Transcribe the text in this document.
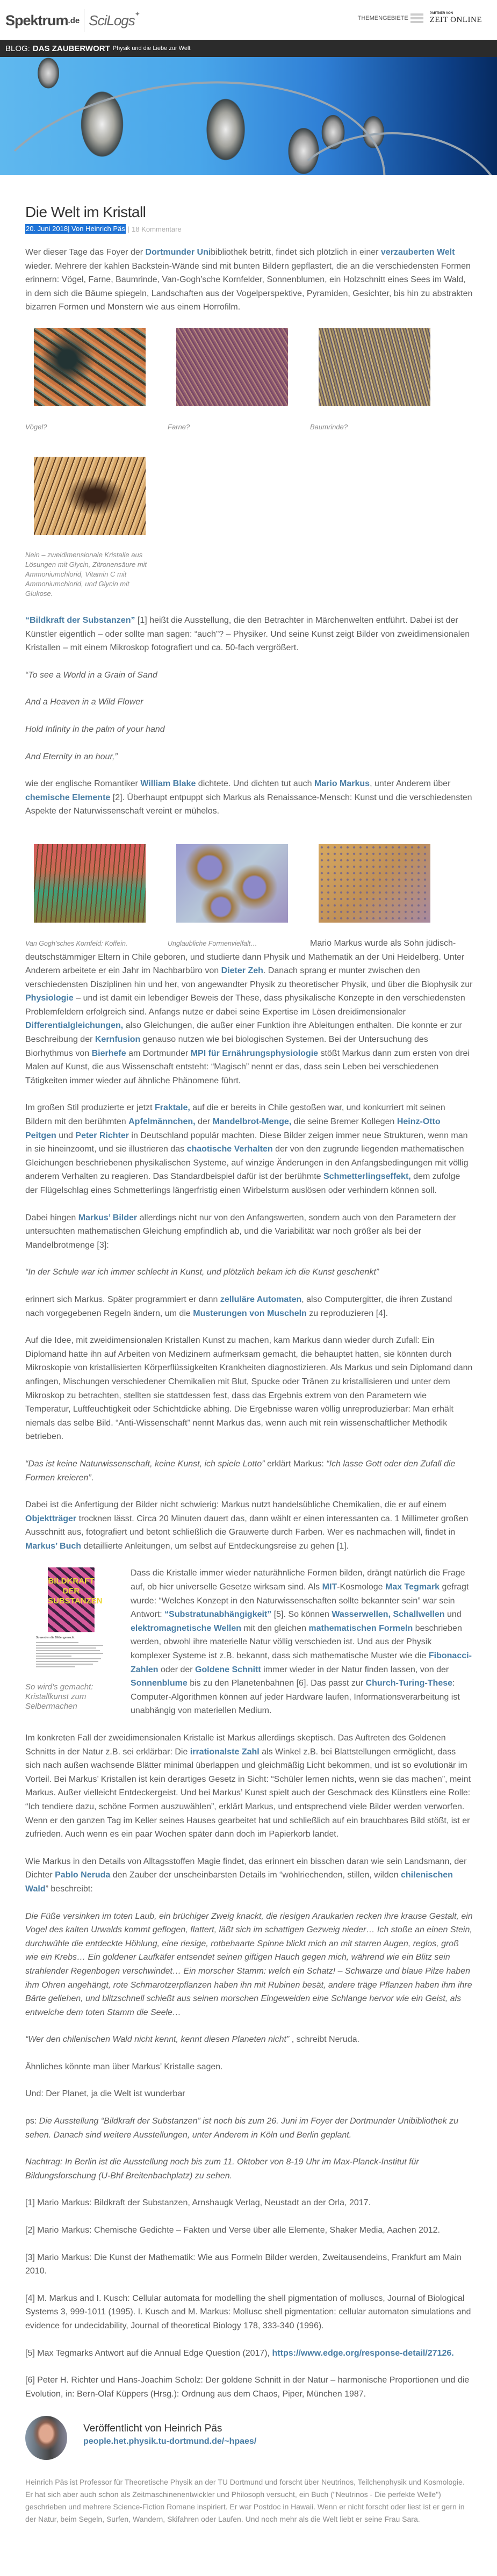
Spektrum .de SciLogs ✦
THEMENGEBIETE
PARTNER VON
ZEIT ONLINE
BLOG: DAS ZAUBERWORT Physik und die Liebe zur Welt
Die Welt im Kristall
20. Juni 2018| Von Heinrich Päs | 18 Kommentare

Wer dieser Tage das Foyer der Dortmunder Unibibliothek betritt, findet sich plötzlich in einer verzauberten Welt wieder. Mehrere der kahlen Backstein-Wände sind mit bunten Bildern gepflastert, die an die verschiedensten Formen erinnern: Vögel, Farne, Baumrinde, Van-Gogh’sche Kornfelder, Sonnenblumen, ein Holzschnitt eines Sees im Wald, in dem sich die Bäume spiegeln, Landschaften aus der Vogelperspektive, Pyramiden, Gesichter, bis hin zu abstrakten bizarren Formen und Monstern wie aus einem Horrofilm.

Vögel?	Farne?	Baumrinde?
Nein – zweidimensionale Kristalle aus Lösungen mit Glycin, Zitronensäure mit Ammoniumchlorid, Vitamin C mit Ammoniumchlorid, und Glycin mit Glukose.

“Bildkraft der Substanzen” [1] heißt die Ausstellung, die den Betrachter in Märchenwelten entführt. Dabei ist der Künstler eigentlich – oder sollte man sagen: “auch”? – Physiker. Und seine Kunst zeigt Bilder von zweidimensionalen Kristallen – mit einem Mikroskop fotografiert und ca. 50-fach vergrößert.

“To see a World in a Grain of Sand

And a Heaven in a Wild Flower

Hold Infinity in the palm of your hand

And Eternity in an hour,”

wie der englische Romantiker William Blake dichtete. Und dichten tut auch Mario Markus, unter Anderem über chemische Elemente [2]. Überhaupt entpuppt sich Markus als Renaissance-Mensch: Kunst und die verschiedensten Aspekte der Naturwissenschaft vereint er mühelos.

Van Gogh’sches Kornfeld: Koffein.	Unglaubliche Formenvielfalt…	Mario Markus wurde als Sohn jüdisch-deutschstämmiger Eltern in Chile geboren, und studierte dann Physik und Mathematik an der Uni Heidelberg. Unter Anderem arbeitete er ein Jahr im Nachbarbüro von Dieter Zeh. Danach sprang er munter zwischen den verschiedensten Disziplinen hin und her, von angewandter Physik zu theoretischer Physik, und über die Biophysik zur Physiologie – und ist damit ein lebendiger Beweis der These, dass physikalische Konzepte in den verschiedensten Problemfeldern erfolgreich sind. Anfangs nutze er dabei seine Expertise im Lösen dreidimensionaler Differentialgleichungen, also Gleichungen, die außer einer Funktion ihre Ableitungen enthalten. Die konnte er zur Beschreibung der Kernfusion genauso nutzen wie bei biologischen Systemen. Bei der Untersuchung des Biorhythmus von Bierhefe am Dortmunder MPI für Ernährungsphysiologie stößt Markus dann zum ersten von drei Malen auf Kunst, die aus Wissenschaft entsteht: “Magisch” nennt er das, dass sein Leben bei verschiedenen Tätigkeiten immer wieder auf ähnliche Phänomene führt.

Im großen Stil produzierte er jetzt Fraktale, auf die er bereits in Chile gestoßen war, und konkurriert mit seinen Bildern mit den berühmten Apfelmännchen, der Mandelbrot-Menge, die seine Bremer Kollegen Heinz-Otto Peitgen und Peter Richter in Deutschland populär machten. Diese Bilder zeigen immer neue Strukturen, wenn man in sie hineinzoomt, und sie illustrieren das chaotische Verhalten der von den zugrunde liegenden mathematischen Gleichungen beschriebenen physikalischen Systeme, auf winzige Änderungen in den Anfangsbedingungen mit völlig anderem Verhalten zu reagieren. Das Standardbeispiel dafür ist der berühmte Schmetterlingseffekt, dem zufolge der Flügelschlag eines Schmetterlings längerfristig einen Wirbelsturm auslösen oder verhindern können soll.

Dabei hingen Markus’ Bilder allerdings nicht nur von den Anfangswerten, sondern auch von den Parametern der untersuchten mathematischen Gleichung empfindlich ab, und die Variabilität war noch größer als bei der Mandelbrotmenge [3]:

“In der Schule war ich immer schlecht in Kunst, und plötzlich bekam ich die Kunst geschenkt”

erinnert sich Markus. Später programmiert er dann zelluläre Automaten, also Computergitter, die ihren Zustand nach vorgegebenen Regeln ändern, um die Musterungen von Muscheln zu reproduzieren [4].

Auf die Idee, mit zweidimensionalen Kristallen Kunst zu machen, kam Markus dann wieder durch Zufall: Ein Diplomand hatte ihn auf Arbeiten von Medizinern aufmerksam gemacht, die behauptet hatten, sie könnten durch Mikroskopie von kristallisierten Körperflüssigkeiten Krankheiten diagnostizieren. Als Markus und sein Diplomand dann anfingen, Mischungen verschiedener Chemikalien mit Blut, Spucke oder Tränen zu kristallisieren und unter dem Mikroskop zu betrachten, stellten sie stattdessen fest, dass das Ergebnis extrem von den Parametern wie Temperatur, Luftfeuchtigkeit oder Schichtdicke abhing. Die Ergebnisse waren völlig unreproduzierbar: Man erhält niemals das selbe Bild. “Anti-Wissenschaft” nennt Markus das, wenn auch mit rein wissenschaftlicher Methodik betrieben.

“Das ist keine Naturwissenschaft, keine Kunst, ich spiele Lotto” erklärt Markus: “Ich lasse Gott oder den Zufall die Formen kreieren”.

Dabei ist die Anfertigung der Bilder nicht schwierig: Markus nutzt handelsübliche Chemikalien, die er auf einem Objektträger trocknen lässt. Circa 20 Minuten dauert das, dann wählt er einen interessanten ca. 1 Millimeter großen Ausschnitt aus, fotografiert und betont schließlich die Grauwerte durch Farben. Wer es nachmachen will, findet in Markus’ Buch detaillierte Anleitungen, um selbst auf Entdeckungsreise zu gehen [1].

BILDKRAFT DER SUBSTANZEN
So werden die Bilder gemacht:
So wird’s gemacht: Kristallkunst zum Selbermachen

Dass die Kristalle immer wieder naturähnliche Formen bilden, drängt natürlich die Frage auf, ob hier universelle Gesetze wirksam sind. Als MIT-Kosmologe Max Tegmark gefragt wurde: “Welches Konzept in den Naturwissenschaften sollte bekannter sein” war sein Antwort: “Substratunabhängigkeit” [5]. So können Wasserwellen, Schallwellen und elektromagnetische Wellen mit den gleichen mathematischen Formeln beschrieben werden, obwohl ihre materielle Natur völlig verschieden ist. Und aus der Physik komplexer Systeme ist z.B. bekannt, dass sich mathematische Muster wie die Fibonacci-Zahlen oder der Goldene Schnitt immer wieder in der Natur finden lassen, von der Sonnenblume bis zu den Planetenbahnen [6]. Das passt zur Church-Turing-These: Computer-Algorithmen können auf jeder Hardware laufen, Informationsverarbeitung ist unabhängig von materiellen Medium.

Im konkreten Fall der zweidimensionalen Kristalle ist Markus allerdings skeptisch. Das Auftreten des Goldenen Schnitts in der Natur z.B. sei erklärbar: Die irrationalste Zahl als Winkel z.B. bei Blattstellungen ermöglicht, dass sich nach außen wachsende Blätter minimal überlappen und gleichmäßig Licht bekommen, und ist so evolutionär im Vorteil. Bei Markus’ Kristallen ist kein derartiges Gesetz in Sicht: “Schüler lernen nichts, wenn sie das machen”, meint Markus. Außer vielleicht Entdeckergeist. Und bei Markus’ Kunst spielt auch der Geschmack des Künstlers eine Rolle: “Ich tendiere dazu, schöne Formen auszuwählen”, erklärt Markus, und entsprechend viele Bilder werden verworfen. Wenn er den ganzen Tag im Keller seines Hauses gearbeitet hat und schließlich auf ein brauchbares Bild stößt, ist er zufrieden. Auch wenn es ein paar Wochen später dann doch im Papierkorb landet.

Wie Markus in den Details von Alltagsstoffen Magie findet, das erinnert ein bisschen daran wie sein Landsmann, der Dichter Pablo Neruda den Zauber der unscheinbarsten Details im “wohlriechenden, stillen, wilden chilenischen Wald” beschreibt:

Die Füße versinken im toten Laub, ein brüchiger Zweig knackt, die riesigen Araukarien recken ihre krause Gestalt, ein Vogel des kalten Urwalds kommt geflogen, flattert, läßt sich im schattigen Gezweig nieder… Ich stoße an einen Stein, durchwühle die entdeckte Höhlung, eine riesige, rotbehaarte Spinne blickt mich an mit starren Augen, reglos, groß wie ein Krebs… Ein goldener Laufkäfer entsendet seinen giftigen Hauch gegen mich, während wie ein Blitz sein strahlender Regenbogen verschwindet… Ein morscher Stamm: welch ein Schatz! – Schwarze und blaue Pilze haben ihm Ohren angehängt, rote Schmarotzerpflanzen haben ihn mit Rubinen besät, andere träge Pflanzen haben ihm ihre Bärte geliehen, und blitzschnell schießt aus seinen morschen Eingeweiden eine Schlange hervor wie ein Geist, als entweiche dem toten Stamm die Seele…

“Wer den chilenischen Wald nicht kennt, kennt diesen Planeten nicht” , schreibt Neruda.

Ähnliches könnte man über Markus’ Kristalle sagen.

Und: Der Planet, ja die Welt ist wunderbar

ps: Die Ausstellung “Bildkraft der Substanzen” ist noch bis zum 26. Juni im Foyer der Dortmunder Unibibliothek zu sehen. Danach sind weitere Ausstellungen, unter Anderem in Köln und Berlin geplant.

Nachtrag: In Berlin ist die Ausstellung noch bis zum 11. Oktober von 8-19 Uhr im Max-Planck-Institut für Bildungsforschung (U-Bhf Breitenbachplatz) zu sehen.

[1] Mario Markus: Bildkraft der Substanzen, Arnshaugk Verlag, Neustadt an der Orla, 2017.

[2] Mario Markus: Chemische Gedichte – Fakten und Verse über alle Elemente, Shaker Media, Aachen 2012.

[3] Mario Markus: Die Kunst der Mathematik: Wie aus Formeln Bilder werden, Zweitausendeins, Frankfurt am Main 2010.

[4] M. Markus and I. Kusch: Cellular automata for modelling the shell pigmentation of molluscs, Journal of Biological Systems 3, 999-1011 (1995). I. Kusch and M. Markus: Mollusc shell pigmentation: cellular automaton simulations and evidence for undecidability, Journal of theoretical Biology 178, 333-340 (1996).

[5] Max Tegmarks Antwort auf die Annual Edge Question (2017), https://www.edge.org/response-detail/27126.

[6] Peter H. Richter und Hans-Joachim Scholz: Der goldene Schnitt in der Natur – harmonische Proportionen und die Evolution, in: Bern-Olaf Küppers (Hrsg.): Ordnung aus dem Chaos, Piper, München 1987.

Veröffentlicht von Heinrich Päs
people.het.physik.tu-dortmund.de/~hpaes/
Heinrich Päs ist Professor für Theoretische Physik an der TU Dortmund und forscht über Neutrinos, Teilchenphysik und Kosmologie. Er hat sich aber auch schon als Zeitmaschinenentwickler und Philosoph versucht, ein Buch ("Neutrinos - Die perfekte Welle") geschrieben und mehrere Science-Fiction Romane inspiriert. Er war Postdoc in Hawaii. Wenn er nicht forscht oder liest ist er gern in der Natur, beim Segeln, Surfen, Wandern, Skifahren oder Laufen. Und noch mehr als die Welt liebt er seine Frau Sara.
